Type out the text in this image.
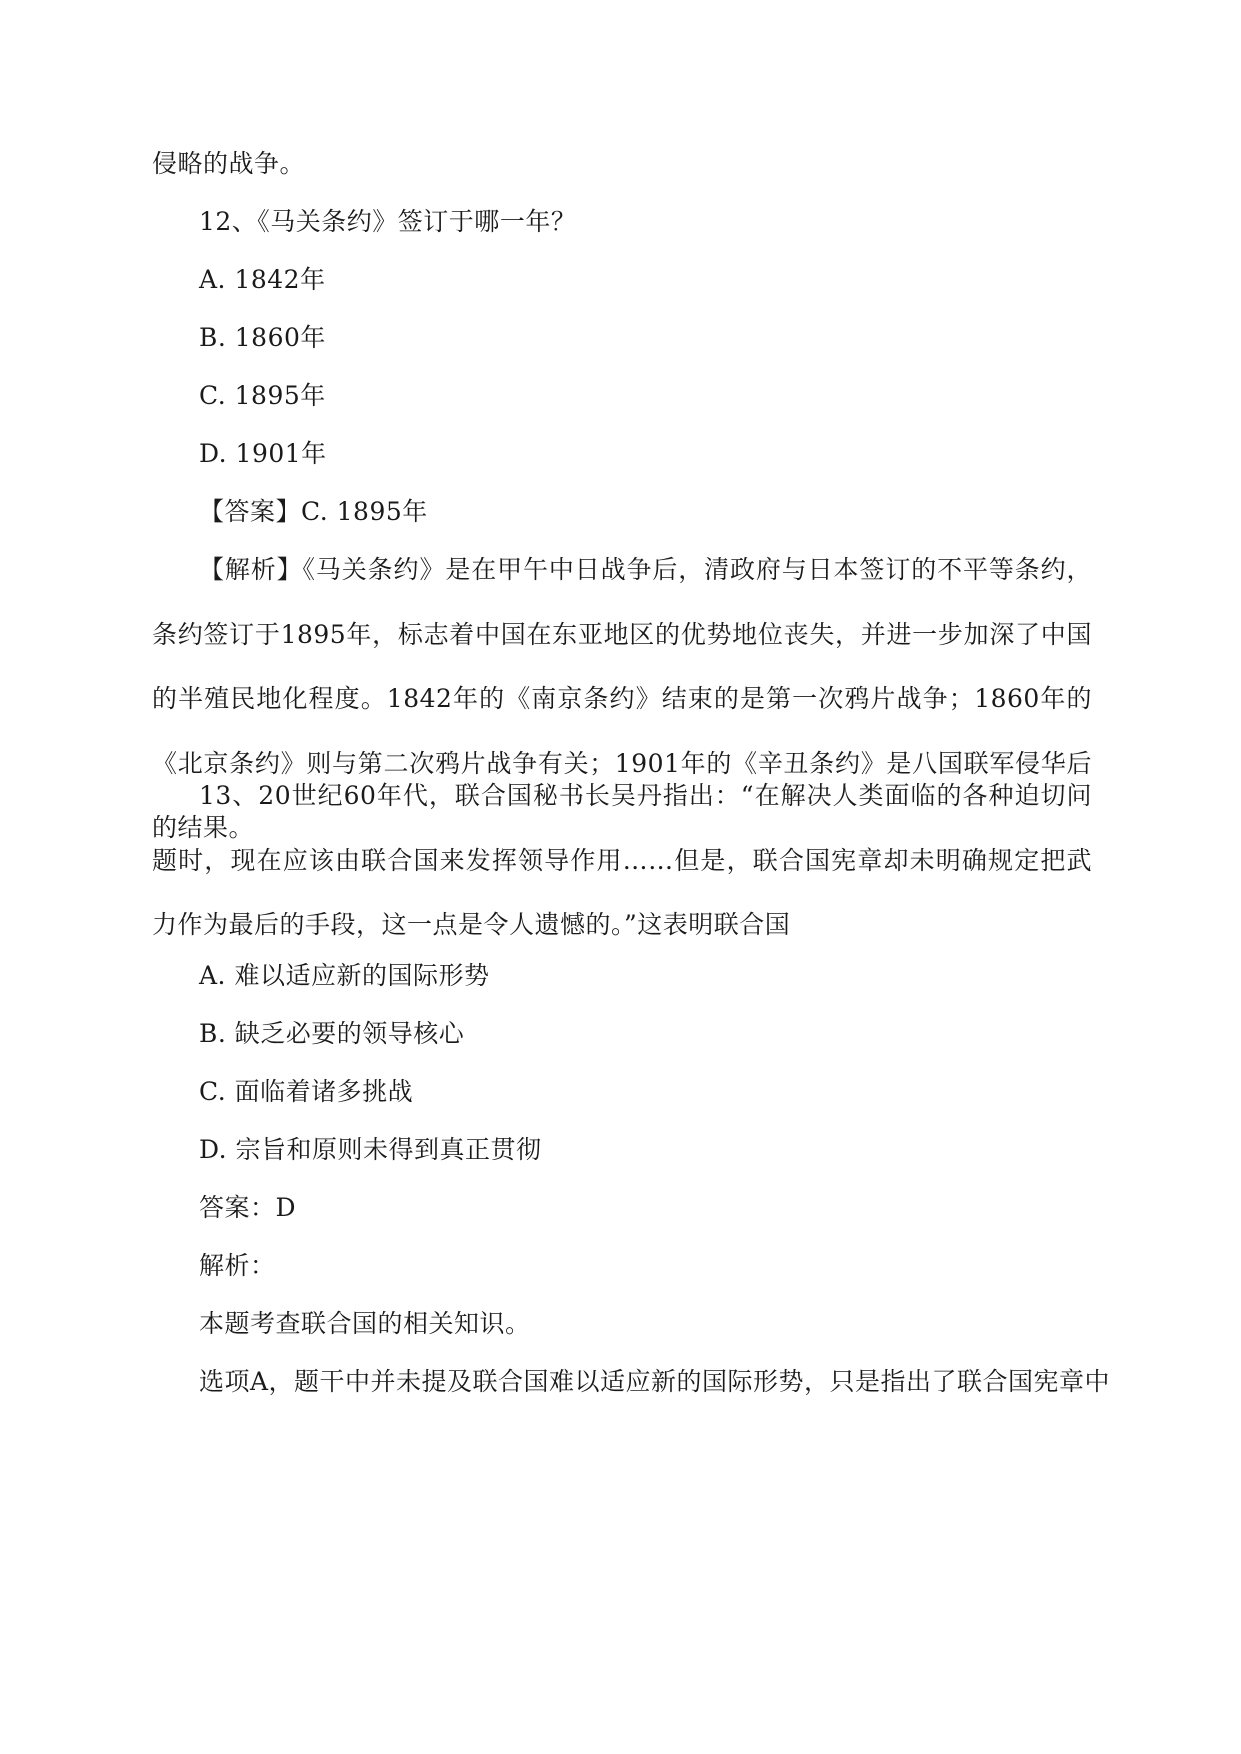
侵略的战争。
12、《马关条约》签订于哪一年？
A. 1842年
B. 1860年
C. 1895年
D. 1901年
【答案】C. 1895年
【解析】《马关条约》是在甲午中日战争后，清政府与日本签订的不平等条约，条约签订于1895年，标志着中国在东亚地区的优势地位丧失，并进一步加深了中国的半殖民地化程度。1842年的《南京条约》结束的是第一次鸦片战争；1860年的《北京条约》则与第二次鸦片战争有关；1901年的《辛丑条约》是八国联军侵华后的结果。
13、20世纪60年代，联合国秘书长吴丹指出：“在解决人类面临的各种迫切问题时，现在应该由联合国来发挥领导作用……但是，联合国宪章却未明确规定把武力作为最后的手段，这一点是令人遗憾的。”这表明联合国
A. 难以适应新的国际形势
B. 缺乏必要的领导核心
C. 面临着诸多挑战
D. 宗旨和原则未得到真正贯彻
答案：D
解析：
本题考查联合国的相关知识。
选项A，题干中并未提及联合国难以适应新的国际形势，只是指出了联合国宪章中
